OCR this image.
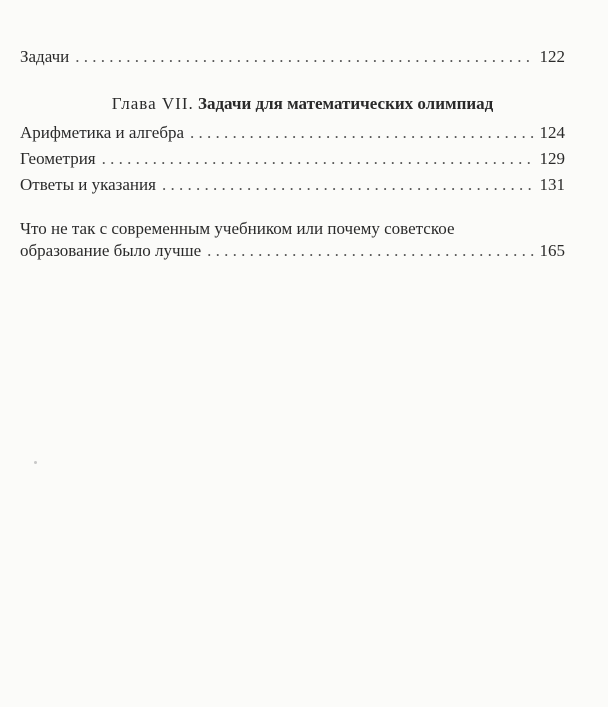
Задачи . . .	122
Глава VII. Задачи для математических олимпиад
Арифметика и алгебра . . .	124
Геометрия . . .	129
Ответы и указания . . .	131
Что не так с современным учебником или почему советское
образование было лучше . . .	165
